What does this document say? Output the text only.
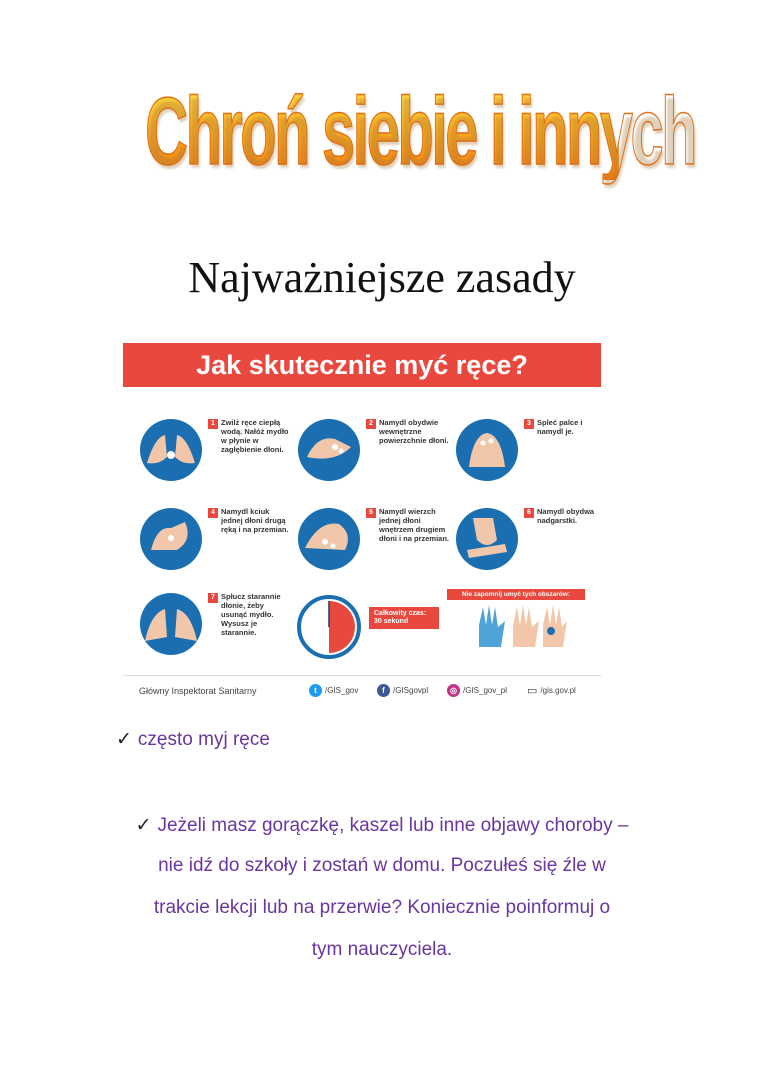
Chroń siebie i innych
Najważniejsze zasady
Jak skutecznie myć ręce?
1 Zwilż ręce ciepłą wodą. Nałóż mydło w płynie w zagłębienie dłoni.
2 Namydl obydwie wewnętrzne powierzchnie dłoni.
3 Spleć palce i namydl je.
4 Namydl kciuk jednej dłoni drugą ręką i na przemian.
5 Namydl wierzch jednej dłoni wnętrzem drugiem dłoni i na przemian.
6 Namydl obydwa nadgarstki.
7 Spłucz starannie dłonie, żeby usunąć mydło. Wysusz je starannie.
Całkowity czas:
30 sekund
Nie zapomnij umyć tych obszarów:
Główny Inspektorat Sanitarny	t	/GIS_gov	f	/GISgovpl	◎ /GIS_gov_pl ▭ /gis.gov.pl
✓ często myj ręce
✓ Jeżeli masz gorączkę, kaszel lub inne objawy choroby –
nie idź do szkoły i zostań w domu. Poczułeś się źle w
trakcie lekcji lub na przerwie? Koniecznie poinformuj o
tym nauczyciela.
